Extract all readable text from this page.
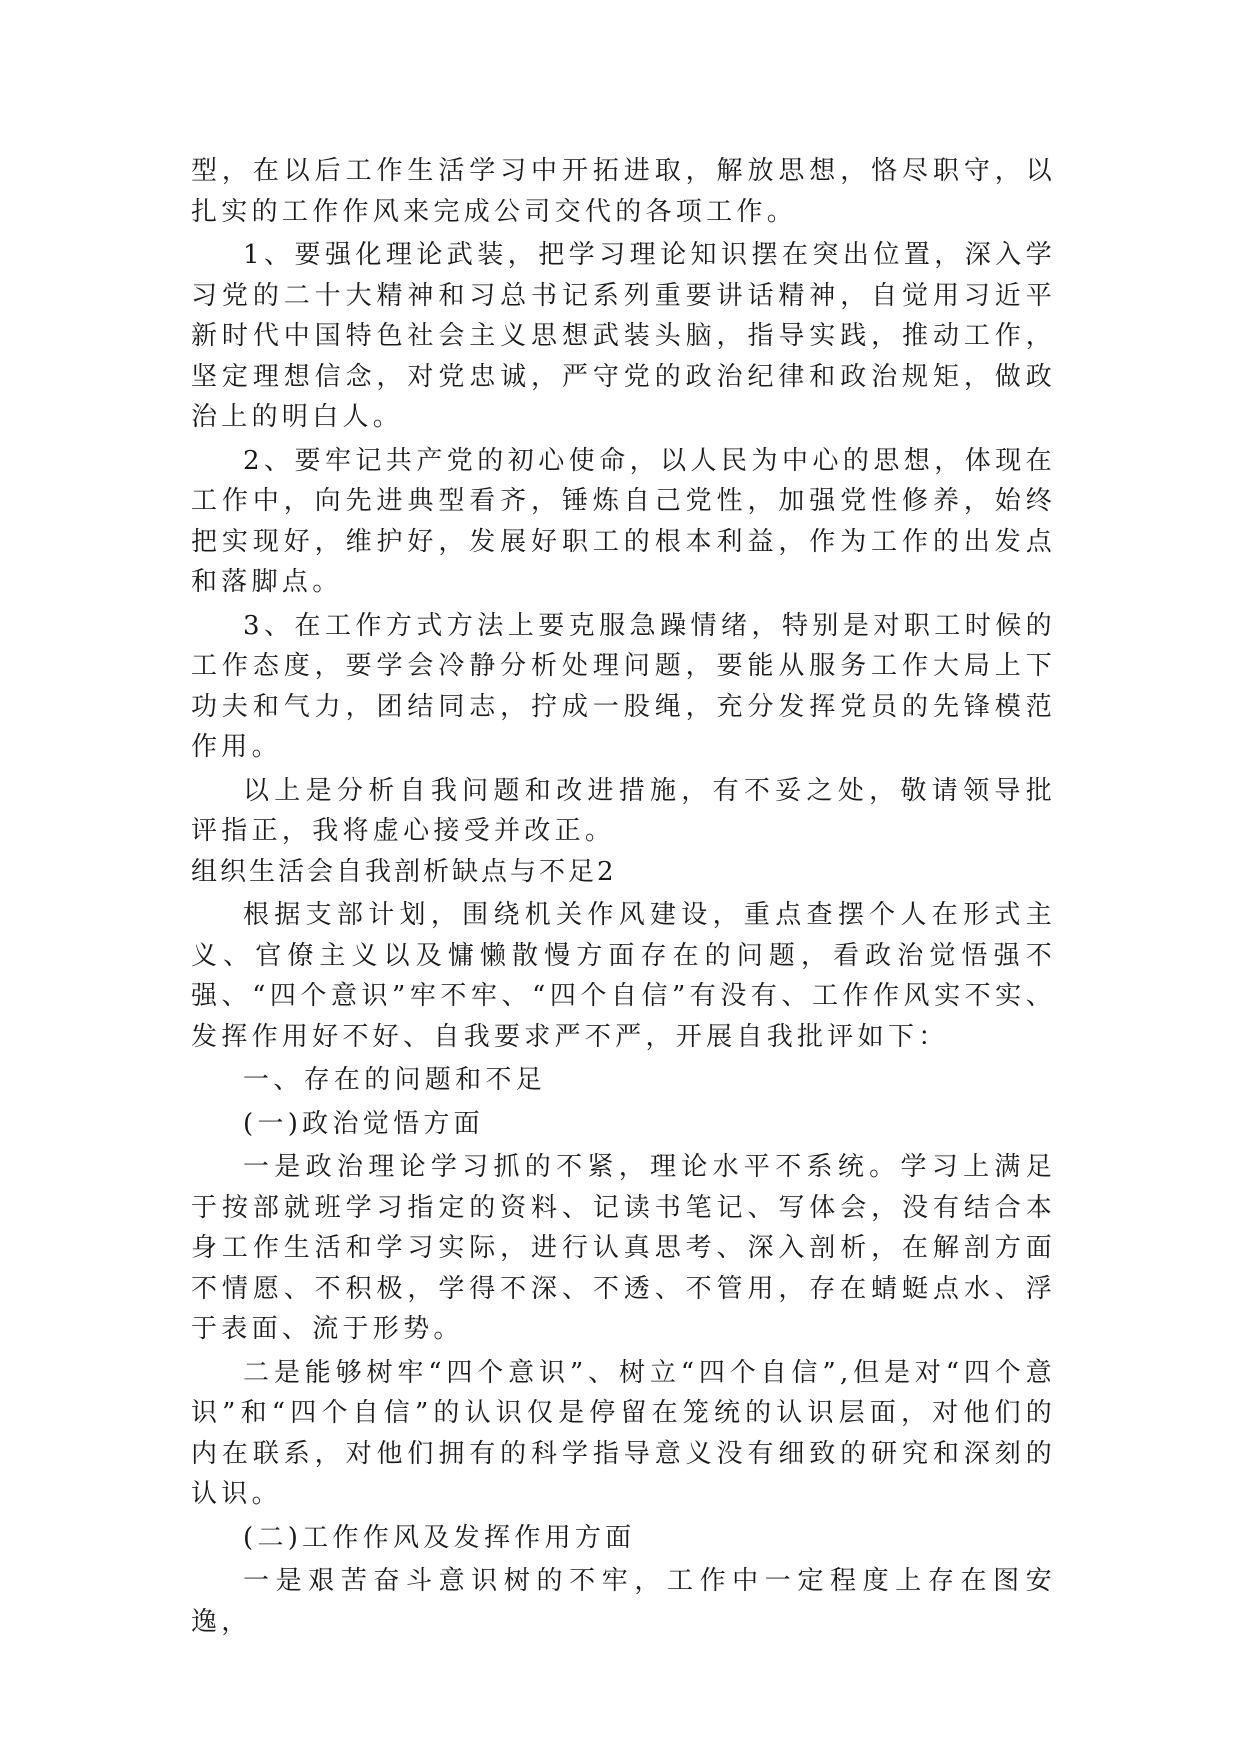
型，在以后工作生活学习中开拓进取，解放思想，恪尽职守，以扎实的工作作风来完成公司交代的各项工作。

1、要强化理论武装，把学习理论知识摆在突出位置，深入学习党的二十大精神和习总书记系列重要讲话精神，自觉用习近平新时代中国特色社会主义思想武装头脑，指导实践，推动工作，坚定理想信念，对党忠诚，严守党的政治纪律和政治规矩，做政治上的明白人。

2、要牢记共产党的初心使命，以人民为中心的思想，体现在工作中，向先进典型看齐，锤炼自己党性，加强党性修养，始终把实现好，维护好，发展好职工的根本利益，作为工作的出发点和落脚点。

3、在工作方式方法上要克服急躁情绪，特别是对职工时候的工作态度，要学会冷静分析处理问题，要能从服务工作大局上下功夫和气力，团结同志，拧成一股绳，充分发挥党员的先锋模范作用。

以上是分析自我问题和改进措施，有不妥之处，敬请领导批评指正，我将虚心接受并改正。

组织生活会自我剖析缺点与不足2

根据支部计划，围绕机关作风建设，重点查摆个人在形式主义、官僚主义以及慵懒散慢方面存在的问题，看政治觉悟强不强、“四个意识”牢不牢、“四个自信”有没有、工作作风实不实、发挥作用好不好、自我要求严不严，开展自我批评如下：

一、存在的问题和不足

(一)政治觉悟方面

一是政治理论学习抓的不紧，理论水平不系统。学习上满足于按部就班学习指定的资料、记读书笔记、写体会，没有结合本身工作生活和学习实际，进行认真思考、深入剖析，在解剖方面不情愿、不积极，学得不深、不透、不管用，存在蜻蜓点水、浮于表面、流于形势。

二是能够树牢“四个意识”、树立“四个自信”,但是对“四个意识”和“四个自信”的认识仅是停留在笼统的认识层面，对他们的内在联系，对他们拥有的科学指导意义没有细致的研究和深刻的认识。

(二)工作作风及发挥作用方面

一是艰苦奋斗意识树的不牢，工作中一定程度上存在图安逸，
